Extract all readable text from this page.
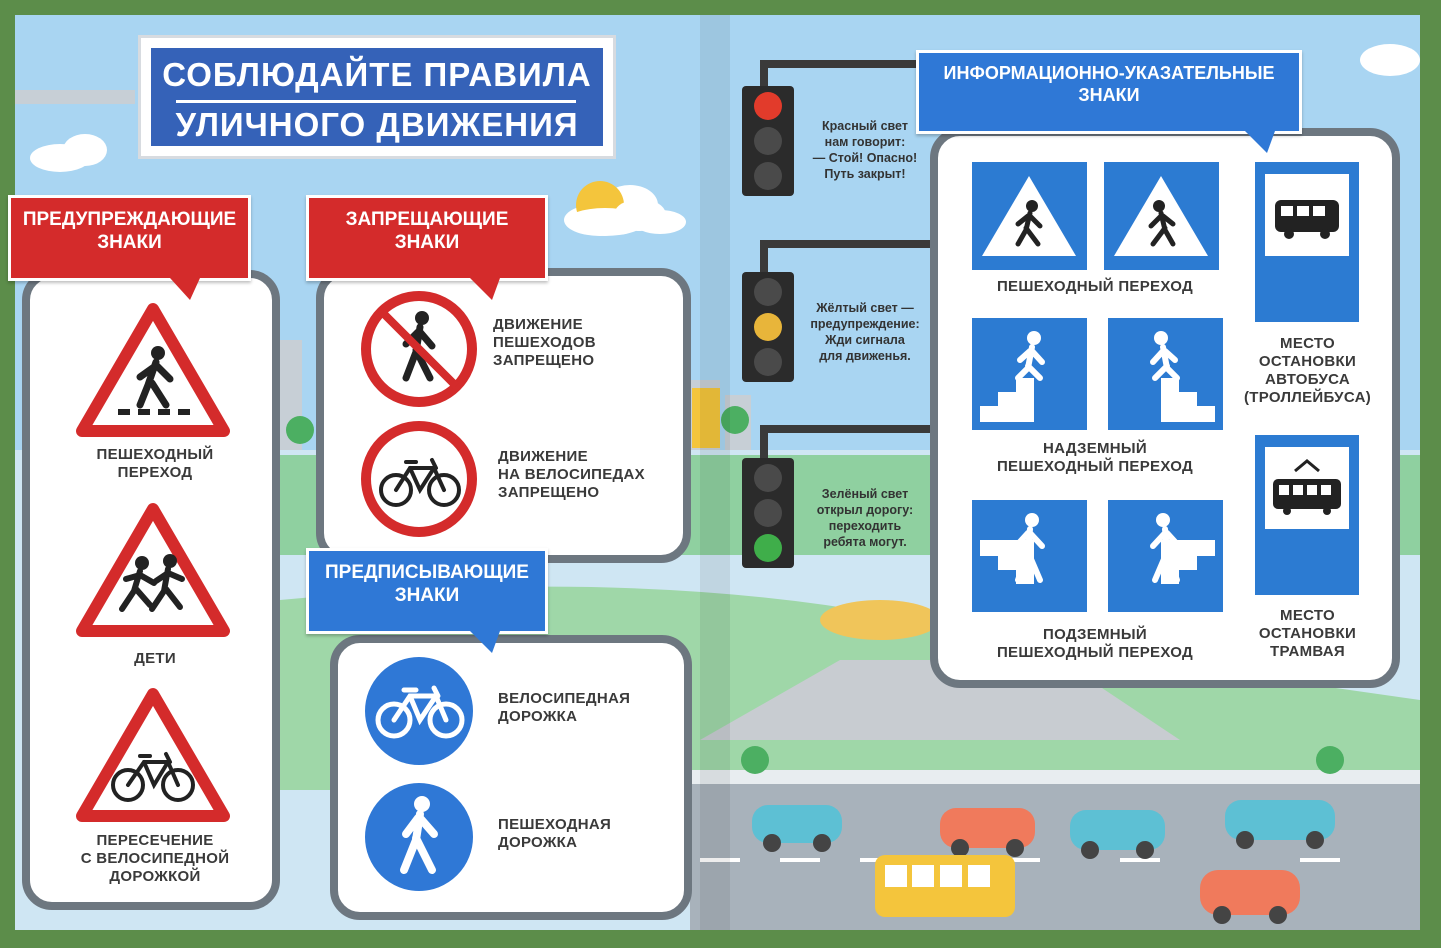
СОБЛЮДАЙТЕ ПРАВИЛА
УЛИЧНОГО ДВИЖЕНИЯ
ПРЕДУПРЕЖДАЮЩИЕ
ЗНАКИ
ПЕШЕХОДНЫЙ
ПЕРЕХОД
ДЕТИ
ПЕРЕСЕЧЕНИЕ
С ВЕЛОСИПЕДНОЙ
ДОРОЖКОЙ
ЗАПРЕЩАЮЩИЕ
ЗНАКИ
ДВИЖЕНИЕ
ПЕШЕХОДОВ
ЗАПРЕЩЕНО
ДВИЖЕНИЕ
НА ВЕЛОСИПЕДАХ
ЗАПРЕЩЕНО
ПРЕДПИСЫВАЮЩИЕ
ЗНАКИ
ВЕЛОСИПЕДНАЯ
ДОРОЖКА
ПЕШЕХОДНАЯ
ДОРОЖКА
Красный свет
нам говорит:
— Стой! Опасно!
Путь закрыт!
Жёлтый свет —
предупреждение:
Жди сигнала
для движенья.
Зелёный свет
открыл дорогу:
переходить
ребята могут.
ИНФОРМАЦИОННО-УКАЗАТЕЛЬНЫЕ
ЗНАКИ
ПЕШЕХОДНЫЙ ПЕРЕХОД
НАДЗЕМНЫЙ
ПЕШЕХОДНЫЙ ПЕРЕХОД
ПОДЗЕМНЫЙ
ПЕШЕХОДНЫЙ ПЕРЕХОД
МЕСТО
ОСТАНОВКИ
АВТОБУСА
(ТРОЛЛЕЙБУСА)
МЕСТО
ОСТАНОВКИ
ТРАМВАЯ
